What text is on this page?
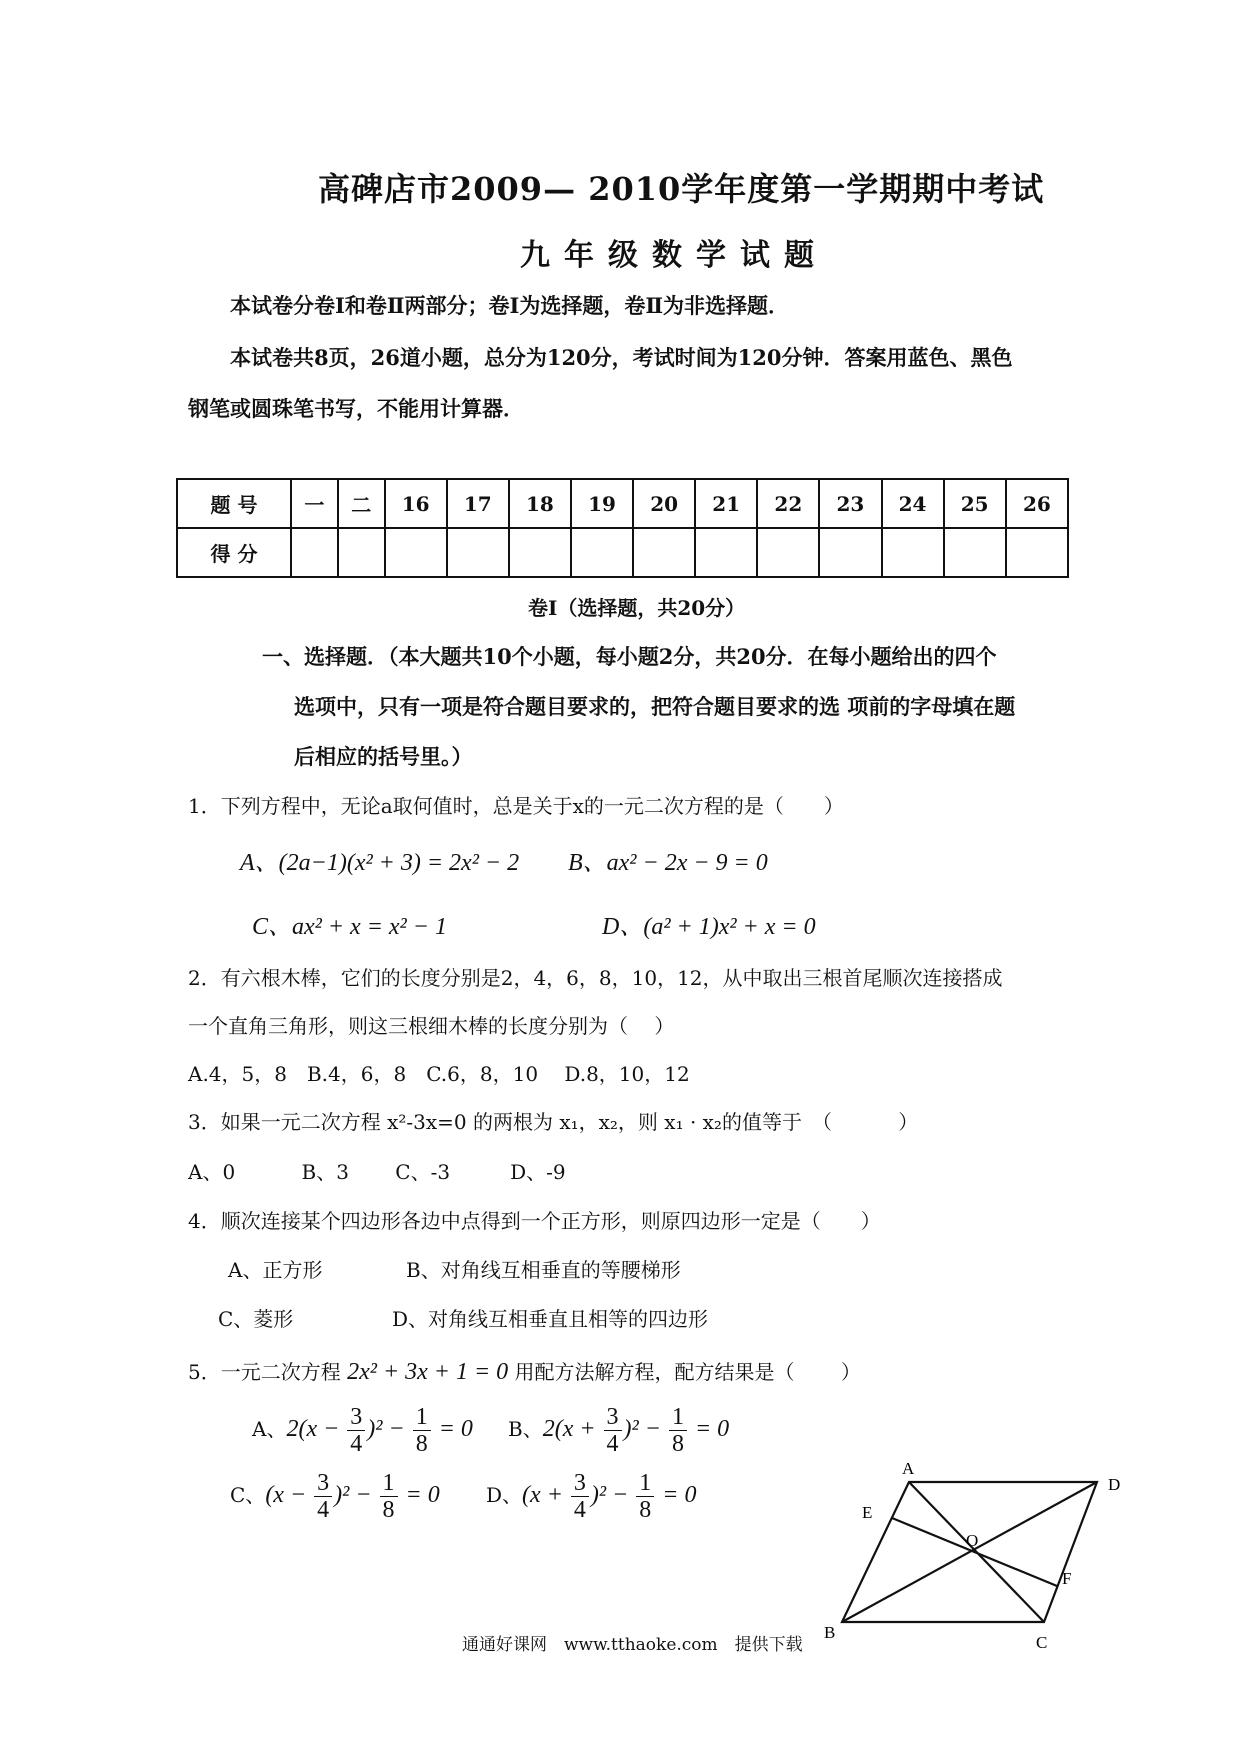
高碑店市2009— 2010学年度第一学期期中考试
九年级数学试题
本试卷分卷Ⅰ和卷Ⅱ两部分；卷Ⅰ为选择题，卷Ⅱ为非选择题．
本试卷共8页，26道小题，总分为120分，考试时间为120分钟．答案用蓝色、黑色
钢笔或圆珠笔书写，不能用计算器．
题 号	一	二	16	17	18	19	20	21	22	23	24	25	26
得 分													
卷Ⅰ（选择题，共20分）
一、选择题．（本大题共10个小题，每小题2分，共20分．在每小题给出的四个
选项中，只有一项是符合题目要求的，把符合题目要求的选 项前的字母填在题
后相应的括号里。）
1．下列方程中，无论a取何值时，总是关于x的一元二次方程的是（　　）
A、(2a−1)(x² + 3) = 2x² − 2 B、ax² − 2x − 9 = 0
C、ax² + x = x² − 1	D、(a² + 1)x² + x = 0
2．有六根木棒，它们的长度分别是2，4，6，8，10，12，从中取出三根首尾顺次连接搭成
一个直角三角形，则这三根细木棒的长度分别为（　 ）
A.4，5，8　B.4，6，8　C.6，8，10　 D.8，10，12
3．如果一元二次方程 x²-3x=0 的两根为 x₁，x₂，则 x₁ · x₂的值等于　（　　　 ）
A、0　　　 B、3　　 C、-3　　　D、-9
4．顺次连接某个四边形各边中点得到一个正方形，则原四边形一定是（　　）
A、正方形	B、对角线互相垂直的等腰梯形
C、菱形	D、对角线互相垂直且相等的四边形
5．一元二次方程 2x² + 3x + 1 = 0 用配方法解方程，配方结果是（　　 ）
A、$2(x - \frac{3}{4} )^2 - \frac{1}{8} = 0$ B、$2(x + \frac{3}{4} )^2 - \frac{1}{8} = 0$
C、$(x - \frac{3}{4} )^2 - \frac{1}{8} = 0$ D、$(x + \frac{3}{4} )^2 - \frac{1}{8} = 0$
A
D
E
O
F
B
C
通通好课网　www.tthaoke.com　提供下载
